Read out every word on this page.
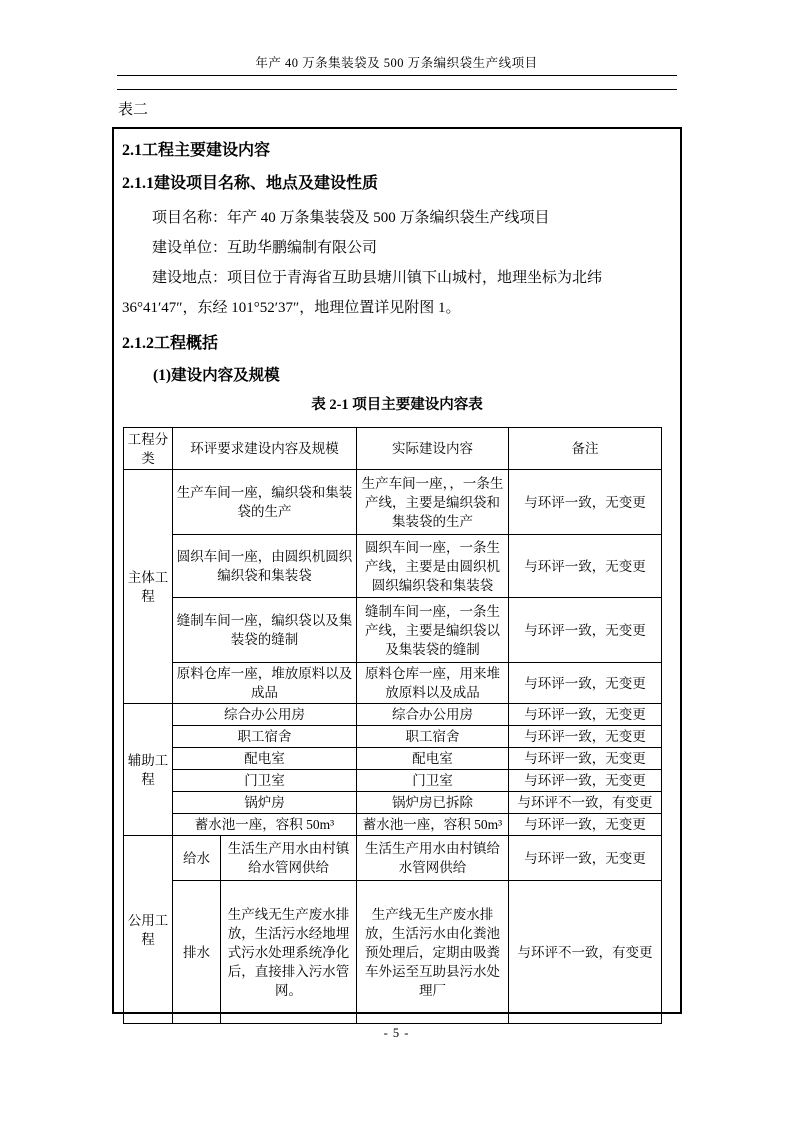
年产 40 万条集装袋及 500 万条编织袋生产线项目
表二

2.1工程主要建设内容

2.1.1建设项目名称、地点及建设性质

项目名称：年产 40 万条集装袋及 500 万条编织袋生产线项目

建设单位：互助华鹏编制有限公司

建设地点：项目位于青海省互助县塘川镇下山城村，地理坐标为北纬 36°41′47″，东经 101°52′37″，地理位置详见附图 1。

2.1.2工程概括

(1)建设内容及规模

表 2-1 项目主要建设内容表

工程分类	环评要求建设内容及规模		实际建设内容	备注
主体工程	生产车间一座，编织袋和集装袋的生产		生产车间一座，，一条生产线，主要是编织袋和集装袋的生产	与环评一致，无变更
	圆织车间一座，由圆织机圆织编织袋和集装袋		圆织车间一座，一条生产线，主要是由圆织机圆织编织袋和集装袋	与环评一致，无变更
	缝制车间一座，编织袋以及集装袋的缝制		缝制车间一座，一条生产线，主要是编织袋以及集装袋的缝制	与环评一致，无变更
	原料仓库一座，堆放原料以及成品		原料仓库一座，用来堆放原料以及成品	与环评一致，无变更
辅助工程	综合办公用房		综合办公用房	与环评一致，无变更
	职工宿舍		职工宿舍	与环评一致，无变更
	配电室		配电室	与环评一致，无变更
	门卫室		门卫室	与环评一致，无变更
	锅炉房		锅炉房已拆除	与环评不一致，有变更
	蓄水池一座，容积 50m³		蓄水池一座，容积 50m³	与环评一致，无变更
公用工程	给水	生活生产用水由村镇给水管网供给	生活生产用水由村镇给水管网供给	与环评一致，无变更
	排水	生产线无生产废水排放，生活污水经地埋式污水处理系统净化后，直接排入污水管网。	生产线无生产废水排放，生活污水由化粪池预处理后，定期由吸粪车外运至互助县污水处理厂	与环评不一致，有变更
- 5 -
